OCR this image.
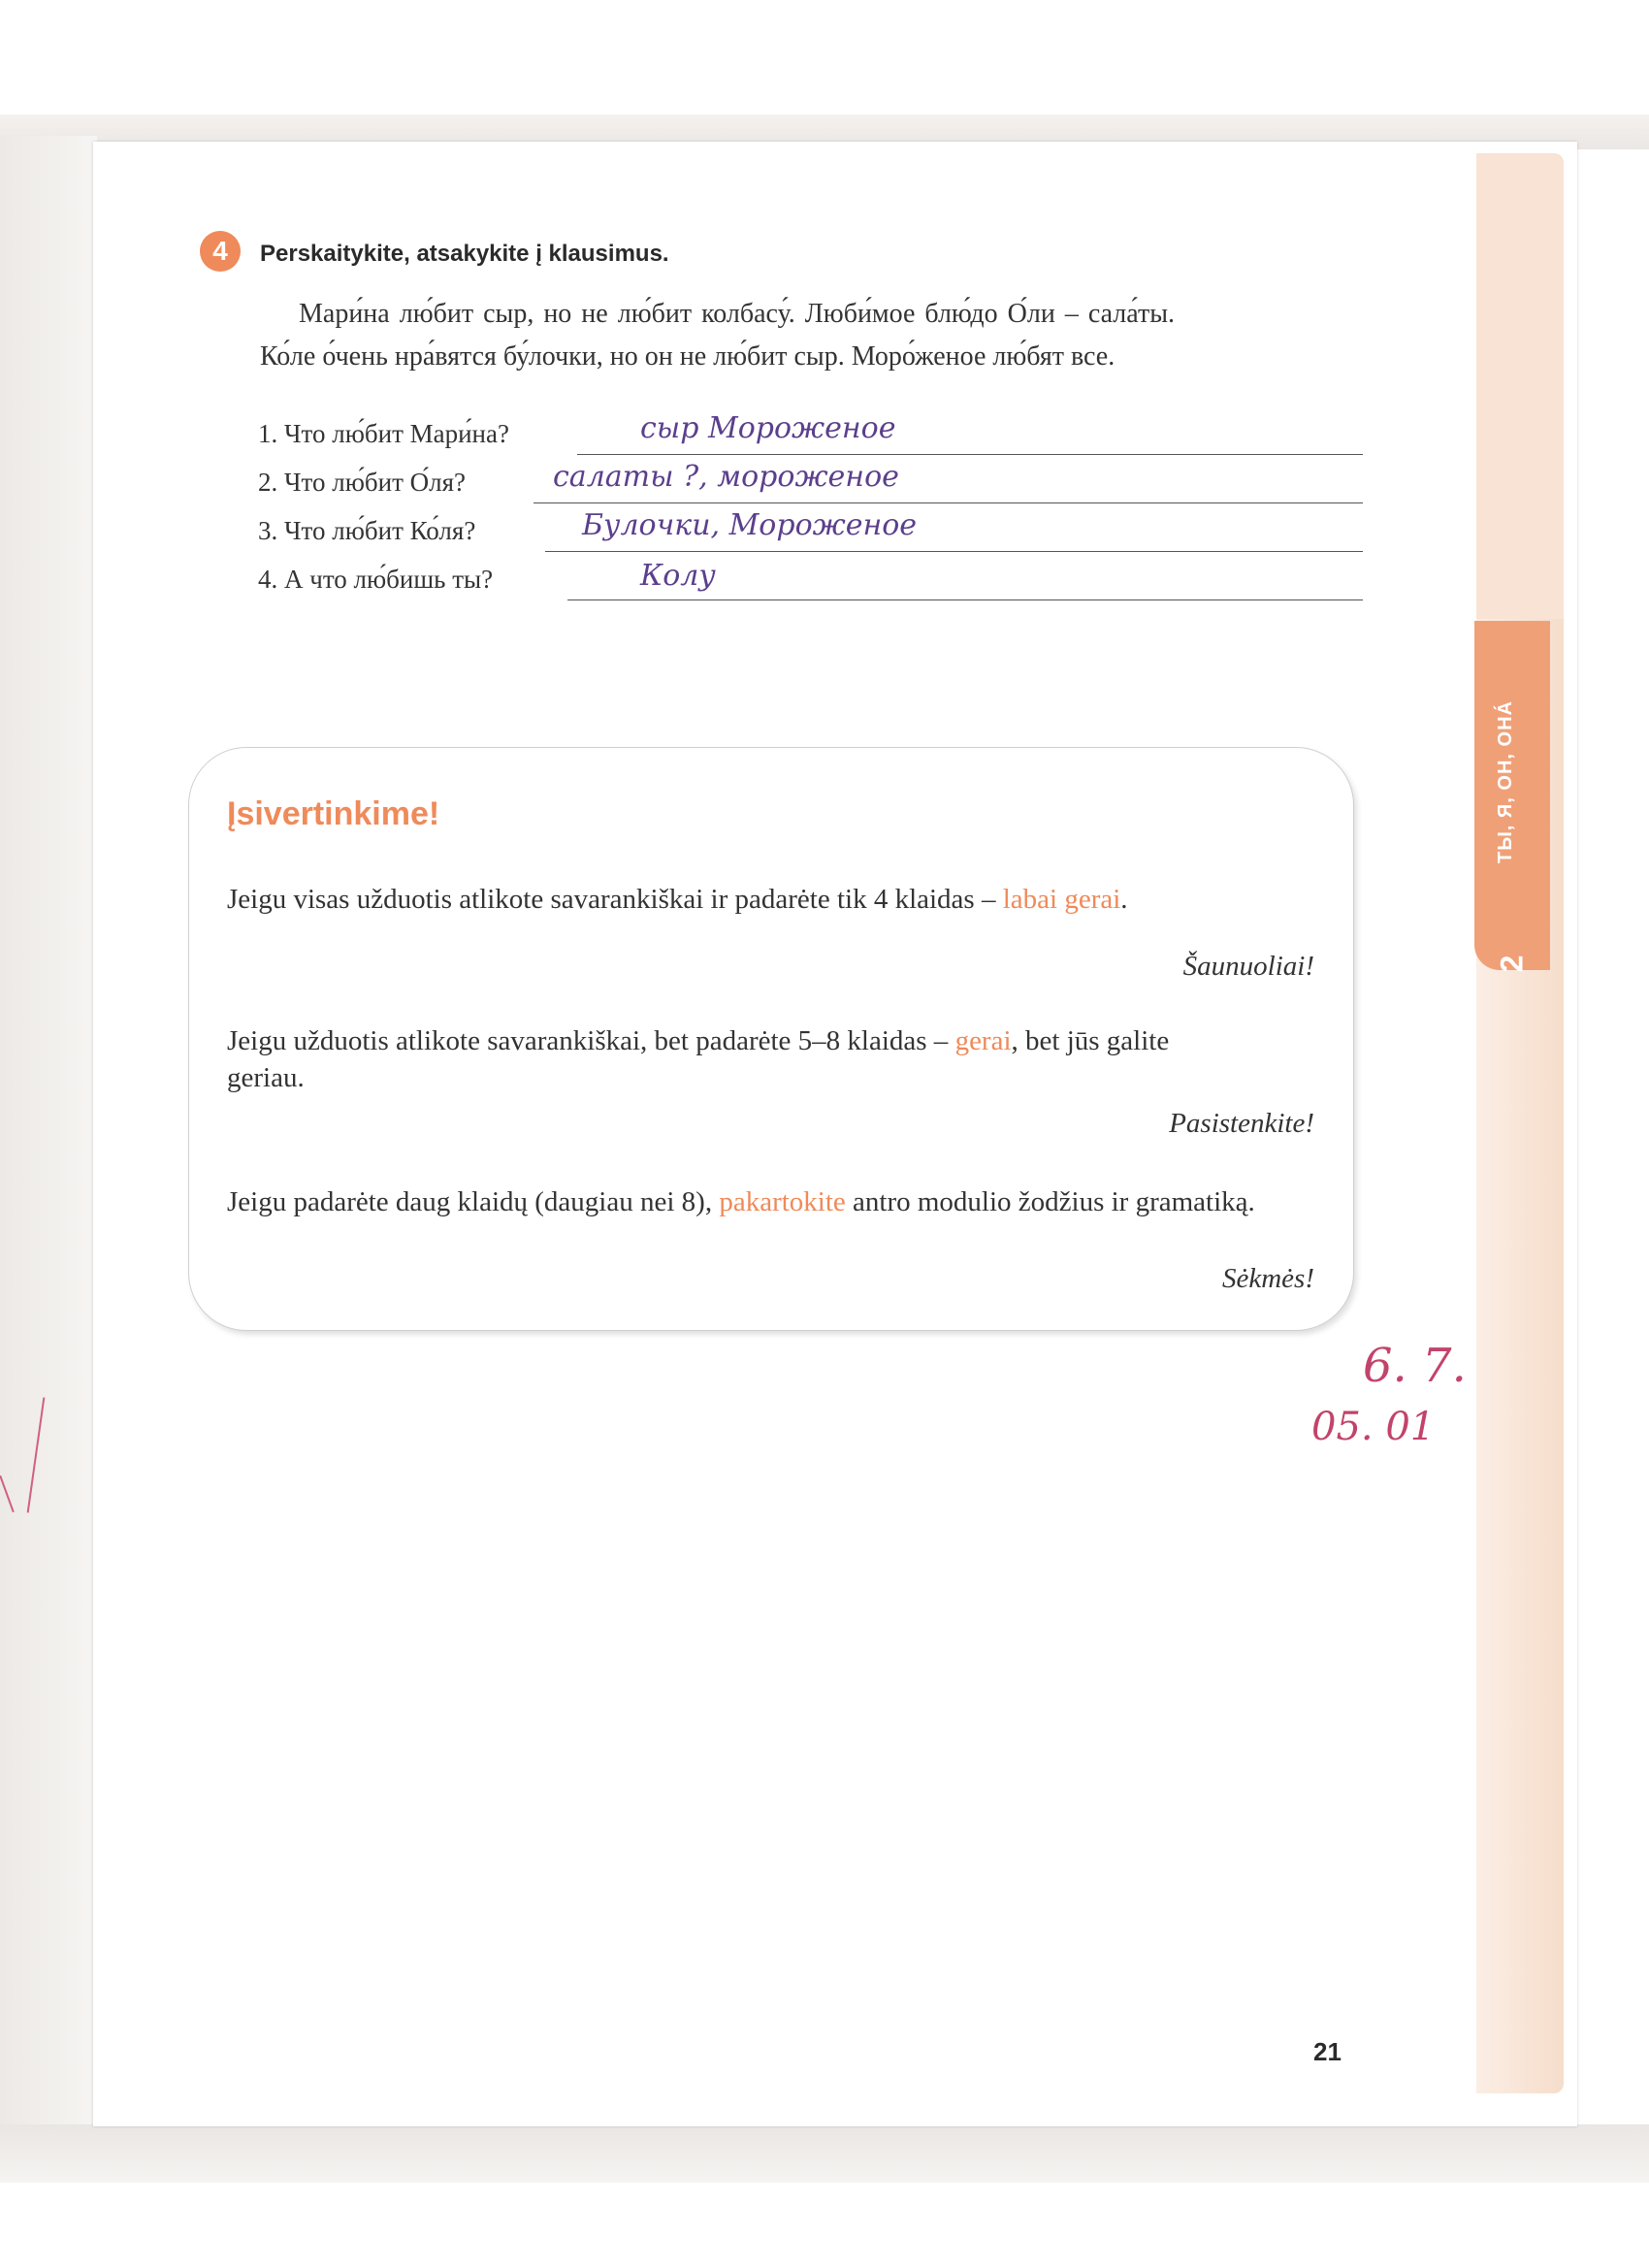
ТЫ, Я, ОН, ОНА́
2
4	Perskaitykite, atsakykite į klausimus.

Мари́на лю́бит сыр, но не лю́бит колбасу́. Люби́мое блю́до О́ли – сала́ты.
Ко́ле о́чень нра́вятся бу́лочки, но он не лю́бит сыр. Моро́женое лю́бят все.

1. Что лю́бит Мари́на?	сыр Мороженое
2. Что лю́бит О́ля?	салаты ?, мороженое
3. Что лю́бит Ко́ля?	Булочки, Мороженое
4. А что лю́бишь ты?	Колу
Įsivertinkime!

Jeigu visas užduotis atlikote savarankiškai ir padarėte tik 4 klaidas – labai gerai.

Šaunuoliai!

Jeigu užduotis atlikote savarankiškai, bet padarėte 5–8 klaidas – gerai, bet jūs galite geriau.

Pasistenkite!

Jeigu padarėte daug klaidų (daugiau nei 8), pakartokite antro modulio žodžius ir gramatiką.

Sėkmės!
6. 7.
05. 01
21
